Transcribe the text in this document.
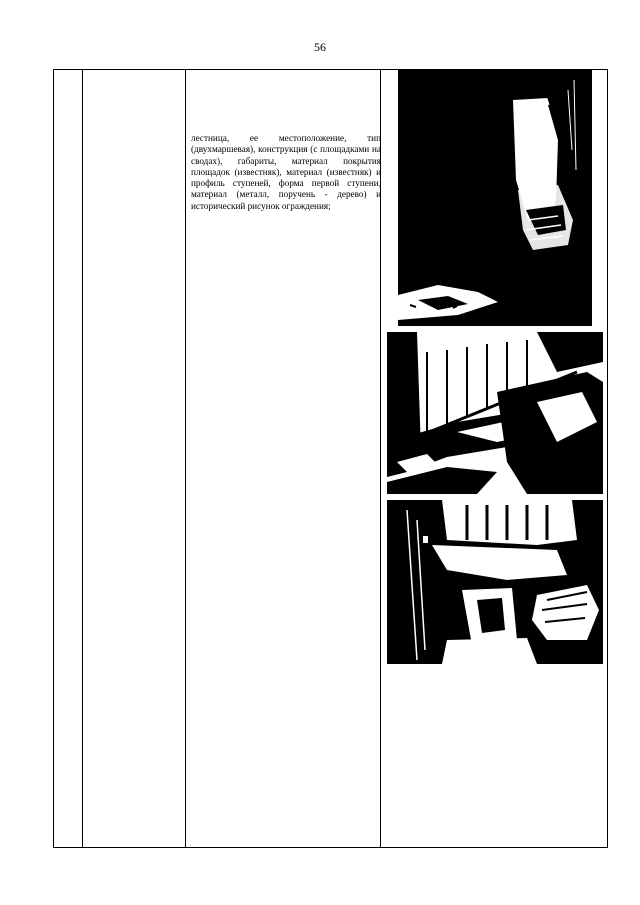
56
лестница, ее местоположение, тип (двухмаршевая), конструкция (с площадками на сводах), габариты, материал покрытия площадок (известняк), материал (известняк) и профиль ступеней, форма первой ступени, материал (металл, поручень - дерево) и исторический рисунок ограждения;
